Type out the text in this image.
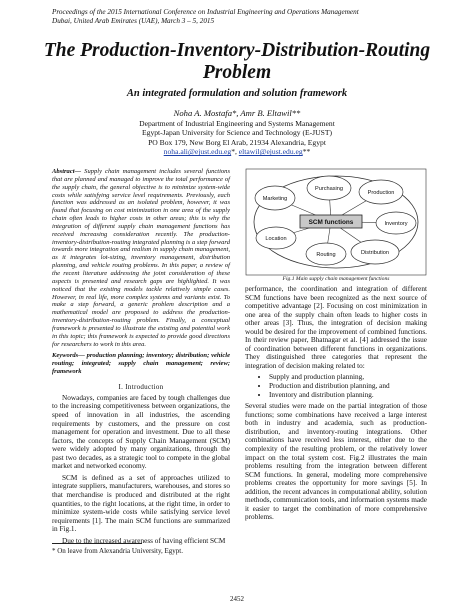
Proceedings of the 2015 International Conference on Industrial Engineering and Operations Management
Dubai, United Arab Emirates (UAE), March 3 – 5, 2015
The Production-Inventory-Distribution-Routing
Problem
An integrated formulation and solution framework
Noha A. Mostafa*, Amr B. Eltawil**
Department of Industrial Engineering and Systems Management
Egypt-Japan University for Science and Technology (E-JUST)
PO Box 179, New Borg El Arab, 21934 Alexandria, Egypt
noha.ali@ejust.edu.eg*, eltawil@ejust.edu.eg**

Abstract— Supply chain management includes several functions that are planned and managed to improve the total performance of the supply chain, the general objective is to minimize system-wide costs while satisfying service level requirements. Previously, each function was addressed as an isolated problem, however, it was found that focusing on cost minimization in one area of the supply chain often leads to higher costs in other areas; this is why the integration of different supply chain management functions has received increasing consideration recently. The production-inventory-distribution-routing integrated planning is a step forward towards more integration and realism in supply chain management, as it integrates lot-sizing, inventory management, distribution planning, and vehicle routing problems. In this paper, a review of the recent literature addressing the joint consideration of these aspects is presented and research gaps are highlighted. It was noticed that the existing models tackle relatively simple cases. However, in real life, more complex systems and variants exist. To make a step forward, a generic problem description and a mathematical model are proposed to address the production-inventory-distribution-routing problem. Finally, a conceptual framework is presented to illustrate the existing and potential work in this topic; this framework is expected to provide good directions for researchers to work in this area.

Keywords— production planning; inventory; distribution; vehicle routing; integrated; supply chain management; review; framework

I. Introduction

Nowadays, companies are faced by tough challenges due to the increasing competitiveness between organizations, the speed of innovation in all industries, the ascending requirements by customers, and the pressure on cost management for operation and investment. Due to all these factors, the concepts of Supply Chain Management (SCM) were widely adopted by many organizations, through the past two decades, as a strategic tool to compete in the global market and networked economy.

SCM is defined as a set of approaches utilized to integrate suppliers, manufacturers, warehouses, and stores so that merchandise is produced and distributed at the right quantities, to the right locations, at the right time, in order to minimize system-wide costs while satisfying service level requirements [1]. The main SCM functions are summarized in Fig.1.

Due to the increased awareness of having efficient SCM

Marketing
Purchasing
Production
Inventory
Distribution
Routing
Location
SCM functions
Fig.1 Main supply chain management functions

performance, the coordination and integration of different SCM functions have been recognized as the next source of competitive advantage [2]. Focusing on cost minimization in one area of the supply chain often leads to higher costs in other areas [3]. Thus, the integration of decision making would be desired for the improvement of combined functions. In their review paper, Bhatnagar et al. [4] addressed the issue of coordination between different functions in organizations. They distinguished three categories that represent the integration of decision making related to:

• Supply and production planning,
• Production and distribution planning, and
• Inventory and distribution planning.

Several studies were made on the partial integration of those functions; some combinations have received a large interest both in industry and academia, such as production-distribution, and inventory-routing integrations. Other combinations have received less interest, either due to the complexity of the resulting problem, or the relatively lower impact on the total system cost. Fig.2 illustrates the main problems resulting from the integration between different SCM functions. In general, modeling more comprehensive problems creates the opportunity for more savings [5]. In addition, the recent advances in computational ability, solution methods, communication tools, and information systems made it easier to target the combination of more comprehensive problems.

* On leave from Alexandria University, Egypt.
2452
